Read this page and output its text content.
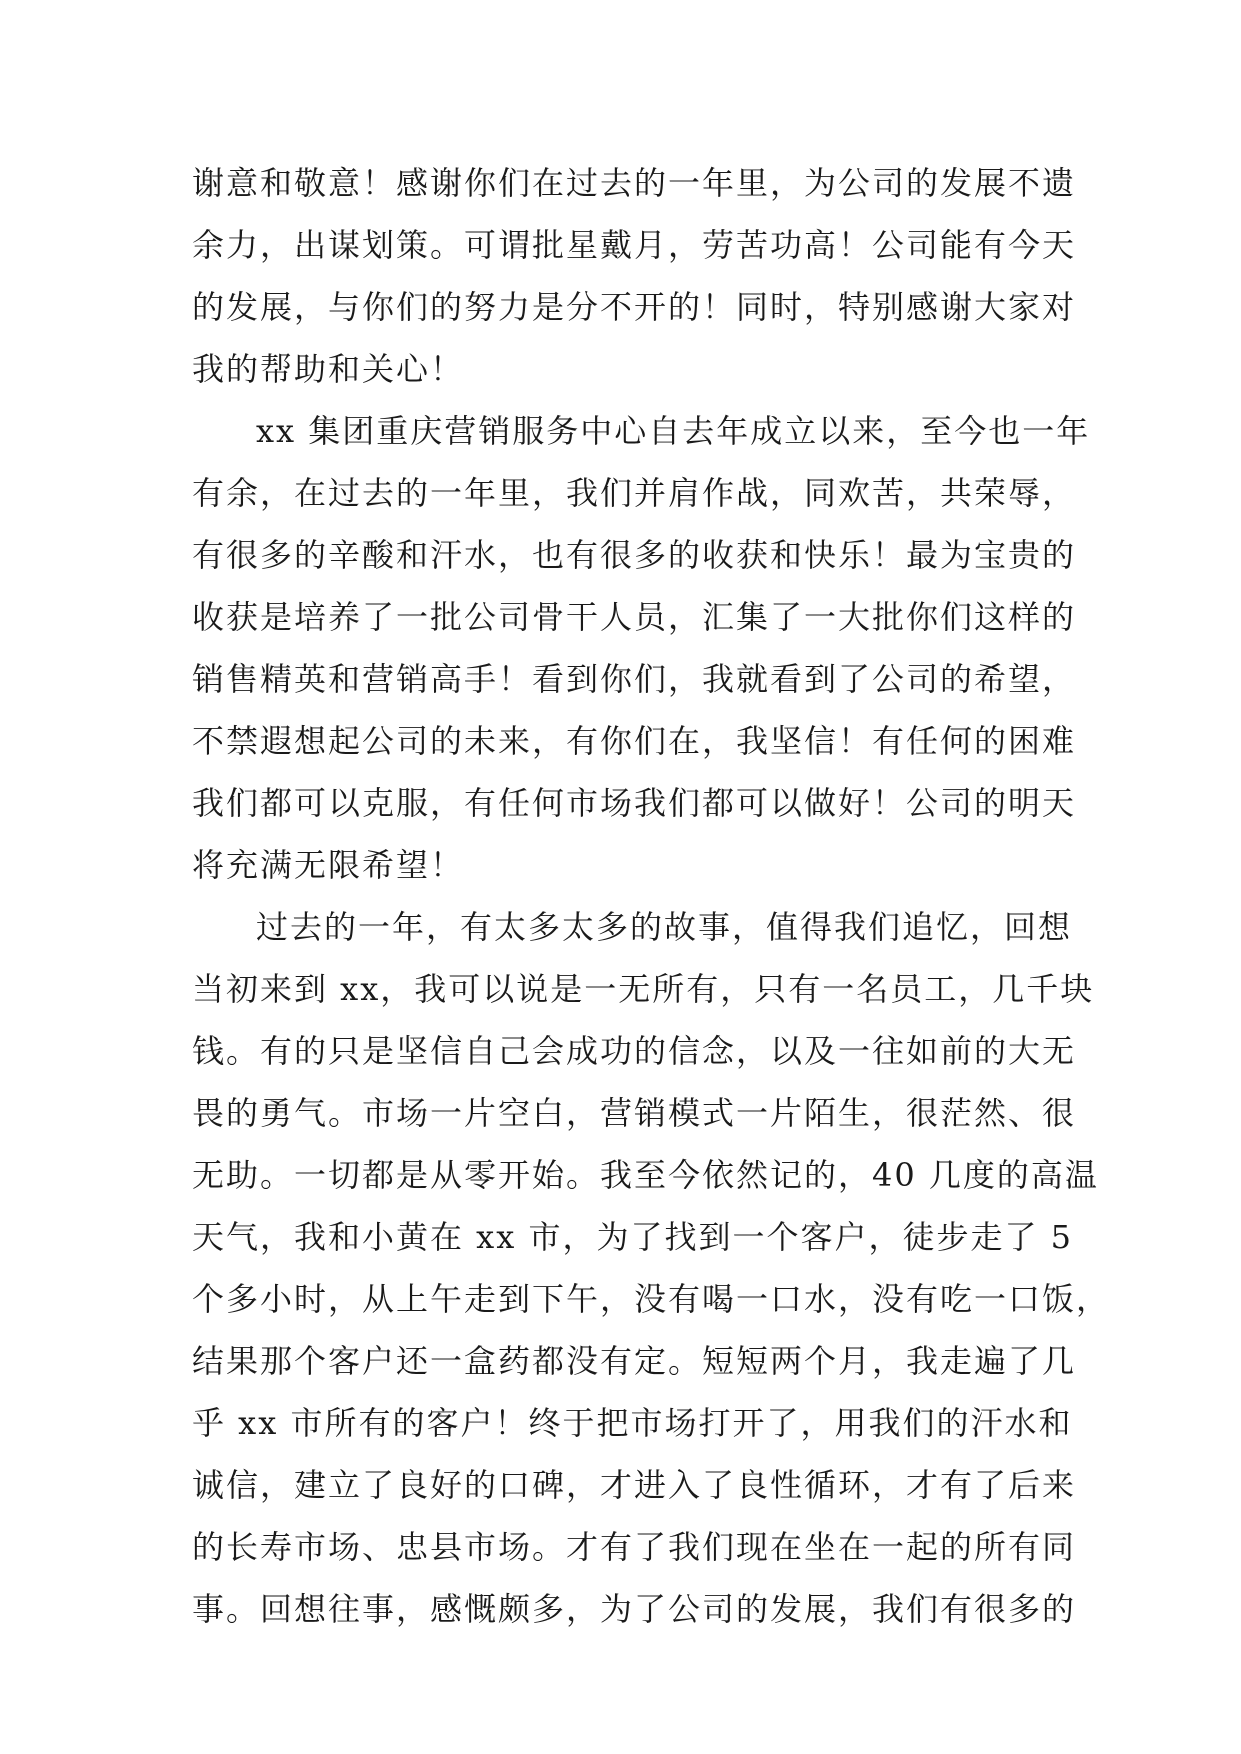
谢意和敬意！感谢你们在过去的一年里，为公司的发展不遗
余力，出谋划策。可谓批星戴月，劳苦功高！公司能有今天
的发展，与你们的努力是分不开的！同时，特别感谢大家对
我的帮助和关心！
xx 集团重庆营销服务中心自去年成立以来，至今也一年
有余，在过去的一年里，我们并肩作战，同欢苦，共荣辱，
有很多的辛酸和汗水，也有很多的收获和快乐！最为宝贵的
收获是培养了一批公司骨干人员，汇集了一大批你们这样的
销售精英和营销高手！看到你们，我就看到了公司的希望，
不禁遐想起公司的未来，有你们在，我坚信！有任何的困难
我们都可以克服，有任何市场我们都可以做好！公司的明天
将充满无限希望！
过去的一年，有太多太多的故事，值得我们追忆，回想
当初来到 xx，我可以说是一无所有，只有一名员工，几千块
钱。有的只是坚信自己会成功的信念，以及一往如前的大无
畏的勇气。市场一片空白，营销模式一片陌生，很茫然、很
无助。一切都是从零开始。我至今依然记的，40 几度的高温
天气，我和小黄在 xx 市，为了找到一个客户，徒步走了 5
个多小时，从上午走到下午，没有喝一口水，没有吃一口饭，
结果那个客户还一盒药都没有定。短短两个月，我走遍了几
乎 xx 市所有的客户！终于把市场打开了，用我们的汗水和
诚信，建立了良好的口碑，才进入了良性循环，才有了后来
的长寿市场、忠县市场。才有了我们现在坐在一起的所有同
事。回想往事，感慨颇多，为了公司的发展，我们有很多的
